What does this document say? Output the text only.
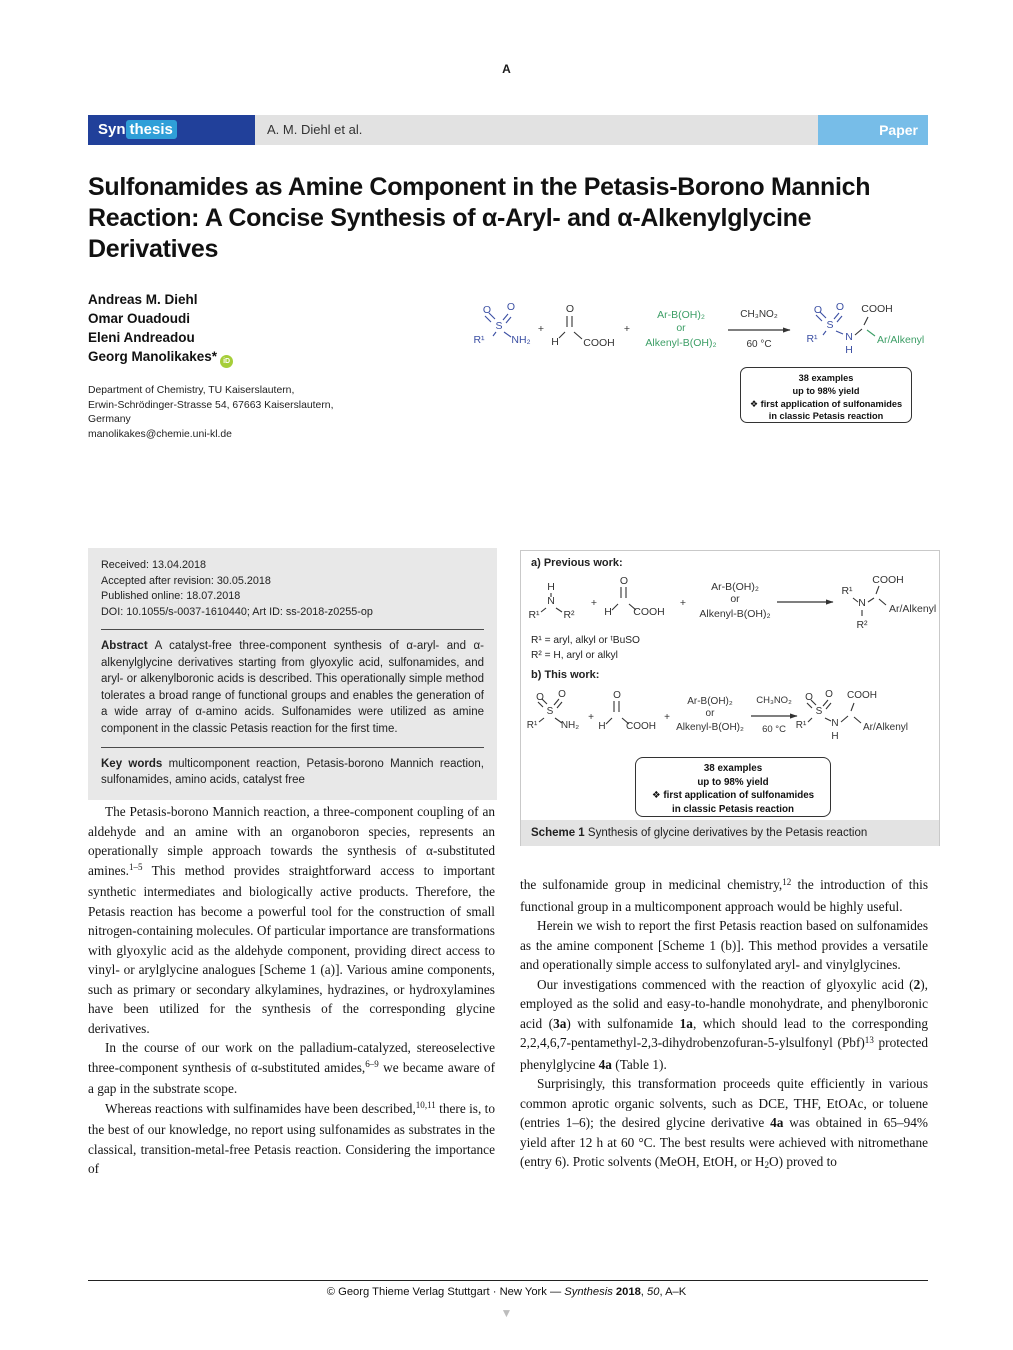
A
Syn thesis	A. M. Diehl et al.	Paper
Sulfonamides as Amine Component in the Petasis-Borono Mannich
Reaction: A Concise Synthesis of α-Aryl- and α-Alkenylglycine
Derivatives
Andreas M. Diehl
Omar Ouadoudi
Eleni Andreadou
Georg Manolikakes* iD
Department of Chemistry, TU Kaiserslautern,
Erwin-Schrödinger-Strasse 54, 67663 Kaiserslautern,
Germany
manolikakes@chemie.uni-kl.de
O O
S
R¹	NH₂
+
O
H COOH
+
Ar-B(OH)₂
or
Alkenyl-B(OH)₂
CH₃NO₂
60 °C
O O
S
R¹	N
H
COOH
Ar/Alkenyl
38 examples
up to 98% yield
❖ first application of sulfonamides
in classic Petasis reaction
Received: 13.04.2018
Accepted after revision: 30.05.2018
Published online: 18.07.2018
DOI: 10.1055/s-0037-1610440; Art ID: ss-2018-z0255-op
Abstract A catalyst-free three-component synthesis of α-aryl- and α-alkenylglycine derivatives starting from glyoxylic acid, sulfonamides, and aryl- or alkenylboronic acids is described. This operationally simple method tolerates a broad range of functional groups and enables the generation of a wide array of α-amino acids. Sulfonamides were utilized as amine component in the classic Petasis reaction for the first time.
Key words multicomponent reaction, Petasis-borono Mannich reaction, sulfonamides, amino acids, catalyst free
a) Previous work:
H
N
R¹ R²
+
O
H COOH
+
Ar-B(OH)₂
or
Alkenyl-B(OH)₂
R¹
N
R²
COOH
Ar/Alkenyl
R¹ = aryl, alkyl or ᵗBuSO
R² = H, aryl or alkyl
b) This work:
O O
S
R¹ NH₂
+
O
H COOH
+
Ar-B(OH)₂
or
Alkenyl-B(OH)₂
CH₃NO₂
60 °C
O O
S
R¹	N
H
COOH
Ar/Alkenyl
38 examples
up to 98% yield
❖ first application of sulfonamides
in classic Petasis reaction
Scheme 1 Synthesis of glycine derivatives by the Petasis reaction

The Petasis-borono Mannich reaction, a three-component coupling of an aldehyde and an amine with an organoboron species, represents an operationally simple approach towards the synthesis of α-substituted amines.$^{1-5}$ This method provides straightforward access to important synthetic intermediates and biologically active products. Therefore, the Petasis reaction has become a powerful tool for the construction of small nitrogen-containing molecules. Of particular importance are transformations with glyoxylic acid as the aldehyde component, providing direct access to vinyl- or arylglycine analogues [Scheme 1 (a)]. Various amine components, such as primary or secondary alkylamines, hydrazines, or hydroxylamines have been utilized for the synthesis of the corresponding glycine derivatives.

In the course of our work on the palladium-catalyzed, stereoselective three-component synthesis of α-substituted amides,$^{6-9}$ we became aware of a gap in the substrate scope.

Whereas reactions with sulfinamides have been described,$^{10,11}$ there is, to the best of our knowledge, no report using sulfonamides as substrates in the classical, transition-metal-free Petasis reaction. Considering the importance of

the sulfonamide group in medicinal chemistry,$^{12}$ the introduction of this functional group in a multicomponent approach would be highly useful.

Herein we wish to report the first Petasis reaction based on sulfonamides as the amine component [Scheme 1 (b)]. This method provides a versatile and operationally simple access to sulfonylated aryl- and vinylglycines.

Our investigations commenced with the reaction of glyoxylic acid (2), employed as the solid and easy-to-handle monohydrate, and phenylboronic acid (3a) with sulfonamide 1a, which should lead to the corresponding 2,2,4,6,7-pentamethyl-2,3-dihydrobenzofuran-5-ylsulfonyl (Pbf)$^{13}$ protected phenylglycine 4a (Table 1).

Surprisingly, this transformation proceeds quite efficiently in various common aprotic organic solvents, such as DCE, THF, EtOAc, or toluene (entries 1–6); the desired glycine derivative 4a was obtained in 65–94% yield after 12 h at 60 °C. The best results were achieved with nitromethane (entry 6). Protic solvents (MeOH, EtOH, or H2O) proved to

© Georg Thieme Verlag Stuttgart · New York — Synthesis 2018, 50, A–K
▼
